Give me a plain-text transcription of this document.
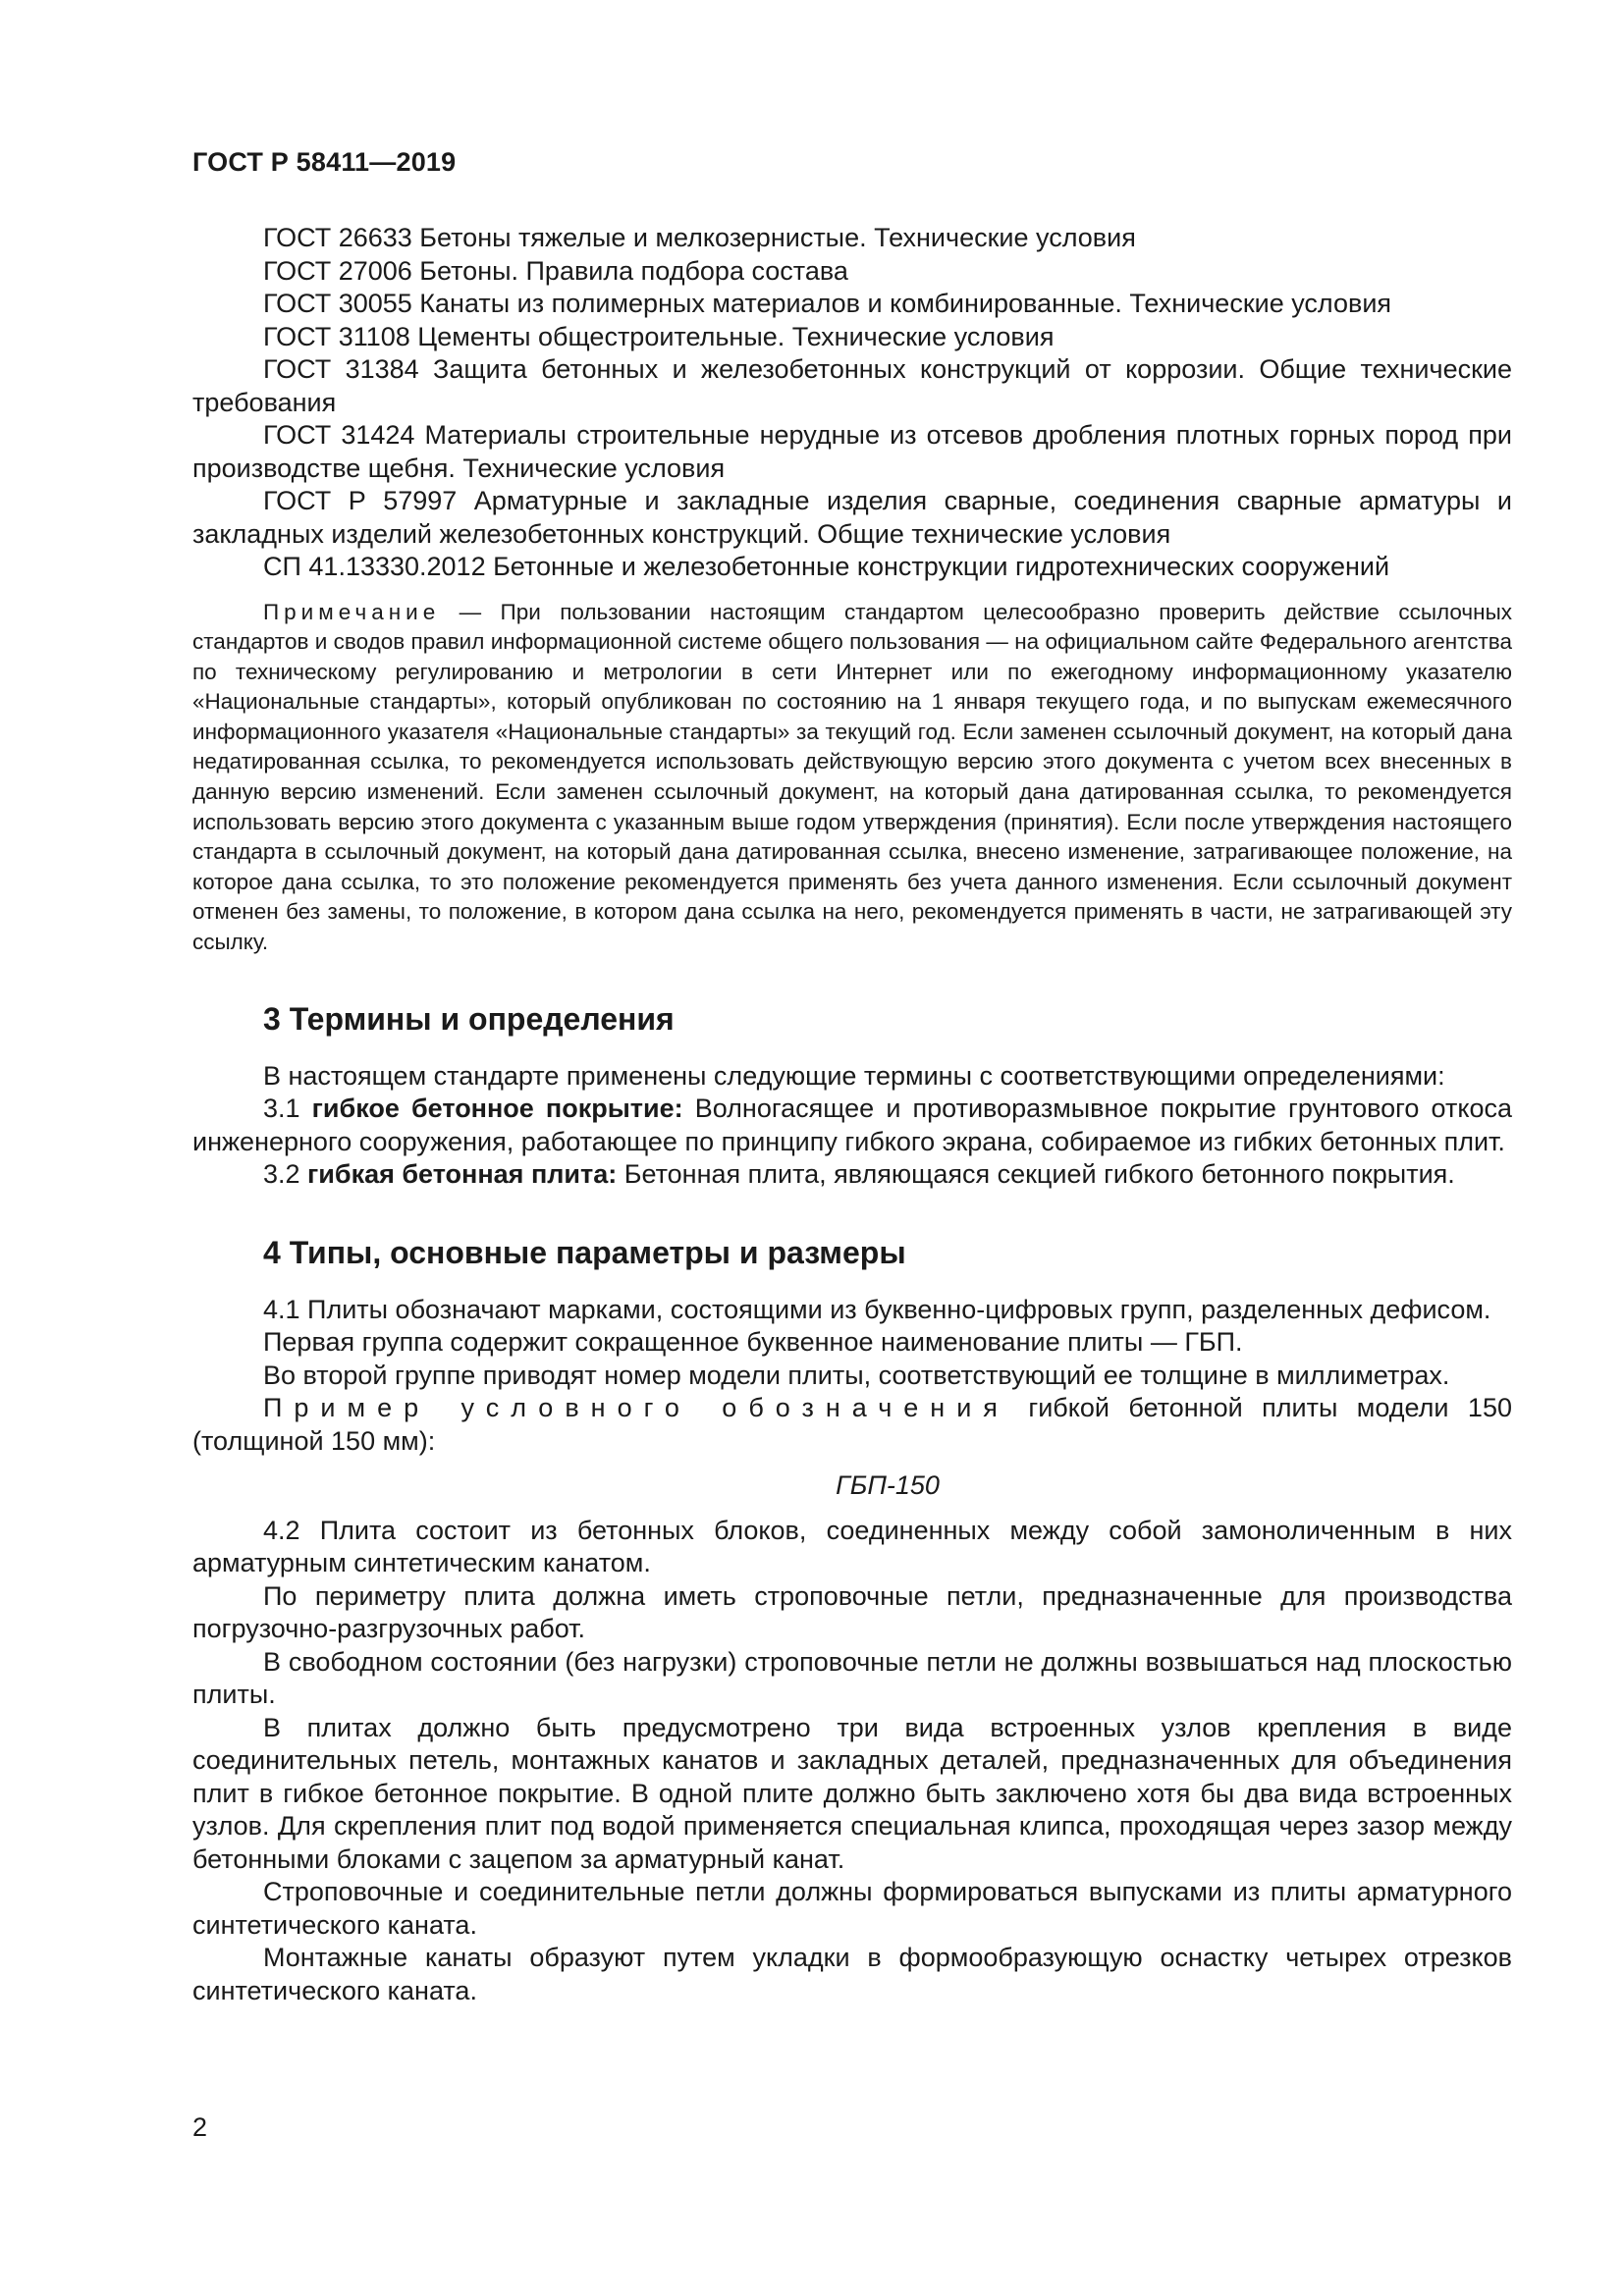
ГОСТ Р 58411—2019

ГОСТ 26633 Бетоны тяжелые и мелкозернистые. Технические условия

ГОСТ 27006 Бетоны. Правила подбора состава

ГОСТ 30055 Канаты из полимерных материалов и комбинированные. Технические условия

ГОСТ 31108 Цементы общестроительные. Технические условия

ГОСТ 31384 Защита бетонных и железобетонных конструкций от коррозии. Общие технические требования

ГОСТ 31424 Материалы строительные нерудные из отсевов дробления плотных горных пород при производстве щебня. Технические условия

ГОСТ Р 57997 Арматурные и закладные изделия сварные, соединения сварные арматуры и закладных изделий железобетонных конструкций. Общие технические условия

СП 41.13330.2012 Бетонные и железобетонные конструкции гидротехнических сооружений

Примечание — При пользовании настоящим стандартом целесообразно проверить действие ссылочных стандартов и сводов правил информационной системе общего пользования — на официальном сайте Федерального агентства по техническому регулированию и метрологии в сети Интернет или по ежегодному информационному указателю «Национальные стандарты», который опубликован по состоянию на 1 января текущего года, и по выпускам ежемесячного информационного указателя «Национальные стандарты» за текущий год. Если заменен ссылочный документ, на который дана недатированная ссылка, то рекомендуется использовать действующую версию этого документа с учетом всех внесенных в данную версию изменений. Если заменен ссылочный документ, на который дана датированная ссылка, то рекомендуется использовать версию этого документа с указанным выше годом утверждения (принятия). Если после утверждения настоящего стандарта в ссылочный документ, на который дана датированная ссылка, внесено изменение, затрагивающее положение, на которое дана ссылка, то это положение рекомендуется применять без учета данного изменения. Если ссылочный документ отменен без замены, то положение, в котором дана ссылка на него, рекомендуется применять в части, не затрагивающей эту ссылку.

3 Термины и определения

В настоящем стандарте применены следующие термины с соответствующими определениями:

3.1 гибкое бетонное покрытие: Волногасящее и противоразмывное покрытие грунтового откоса инженерного сооружения, работающее по принципу гибкого экрана, собираемое из гибких бетонных плит.

3.2 гибкая бетонная плита: Бетонная плита, являющаяся секцией гибкого бетонного покрытия.

4 Типы, основные параметры и размеры

4.1 Плиты обозначают марками, состоящими из буквенно-цифровых групп, разделенных дефисом.

Первая группа содержит сокращенное буквенное наименование плиты — ГБП.

Во второй группе приводят номер модели плиты, соответствующий ее толщине в миллиметрах.

Пример условного обозначения гибкой бетонной плиты модели 150 (толщиной 150 мм):

ГБП-150

4.2 Плита состоит из бетонных блоков, соединенных между собой замоноличенным в них арматурным синтетическим канатом.

По периметру плита должна иметь строповочные петли, предназначенные для производства погрузочно-разгрузочных работ.

В свободном состоянии (без нагрузки) строповочные петли не должны возвышаться над плоскостью плиты.

В плитах должно быть предусмотрено три вида встроенных узлов крепления в виде соединительных петель, монтажных канатов и закладных деталей, предназначенных для объединения плит в гибкое бетонное покрытие. В одной плите должно быть заключено хотя бы два вида встроенных узлов. Для скрепления плит под водой применяется специальная клипса, проходящая через зазор между бетонными блоками с зацепом за арматурный канат.

Строповочные и соединительные петли должны формироваться выпусками из плиты арматурного синтетического каната.

Монтажные канаты образуют путем укладки в формообразующую оснастку четырех отрезков синтетического каната.

2
